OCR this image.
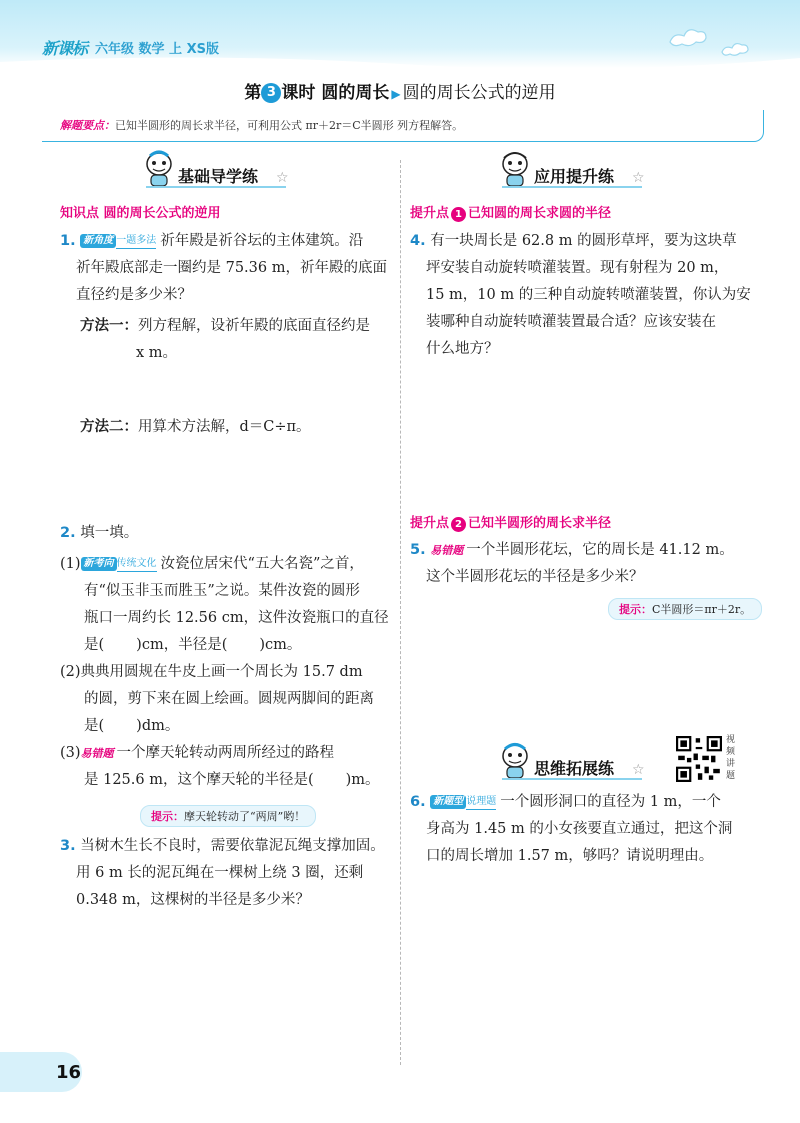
新课标 六年级 数学 上 XS版
第 3 课时 圆的周长 ▶ 圆的周长公式的逆用
解题要点：已知半圆形的周长求半径，可利用公式 πr＋2r＝C半圆形 列方程解答。
基础导学练 ☆
知识点 圆的周长公式的逆用
1. 新角度 一题多法 祈年殿是祈谷坛的主体建筑。沿
祈年殿底部走一圈约是 75.36 m，祈年殿的底面
直径约是多少米？
方法一：列方程解，设祈年殿的底面直径约是
x m。
方法二：用算术方法解，d＝C÷π。
2. 填一填。
(1) 新考向 传统文化 汝瓷位居宋代“五大名瓷”之首，
有“似玉非玉而胜玉”之说。某件汝瓷的圆形
瓶口一周约长 12.56 cm，这件汝瓷瓶口的直径
是( )cm，半径是( )cm。
(2)典典用圆规在牛皮上画一个周长为 15.7 dm
的圆，剪下来在圆上绘画。圆规两脚间的距离
是( )dm。
(3)易错题 一个摩天轮转动两周所经过的路程
是 125.6 m，这个摩天轮的半径是( )m。
提示：摩天轮转动了“两周”哟！
3. 当树木生长不良时，需要依靠泥瓦绳支撑加固。
用 6 m 长的泥瓦绳在一棵树上绕 3 圈，还剩
0.348 m，这棵树的半径是多少米？
应用提升练 ☆
提升点 1 已知圆的周长求圆的半径
4. 有一块周长是 62.8 m 的圆形草坪，要为这块草
坪安装自动旋转喷灌装置。现有射程为 20 m，
15 m，10 m 的三种自动旋转喷灌装置，你认为安
装哪种自动旋转喷灌装置最合适？应该安装在
什么地方？
提升点 2 已知半圆形的周长求半径
5. 易错题 一个半圆形花坛，它的周长是 41.12 m。
这个半圆形花坛的半径是多少米？
提示：C半圆形＝πr＋2r。
思维拓展练 ☆
视频讲题
6. 新题型 说理题 一个圆形洞口的直径为 1 m，一个
身高为 1.45 m 的小女孩要直立通过，把这个洞
口的周长增加 1.57 m，够吗？请说明理由。
16
